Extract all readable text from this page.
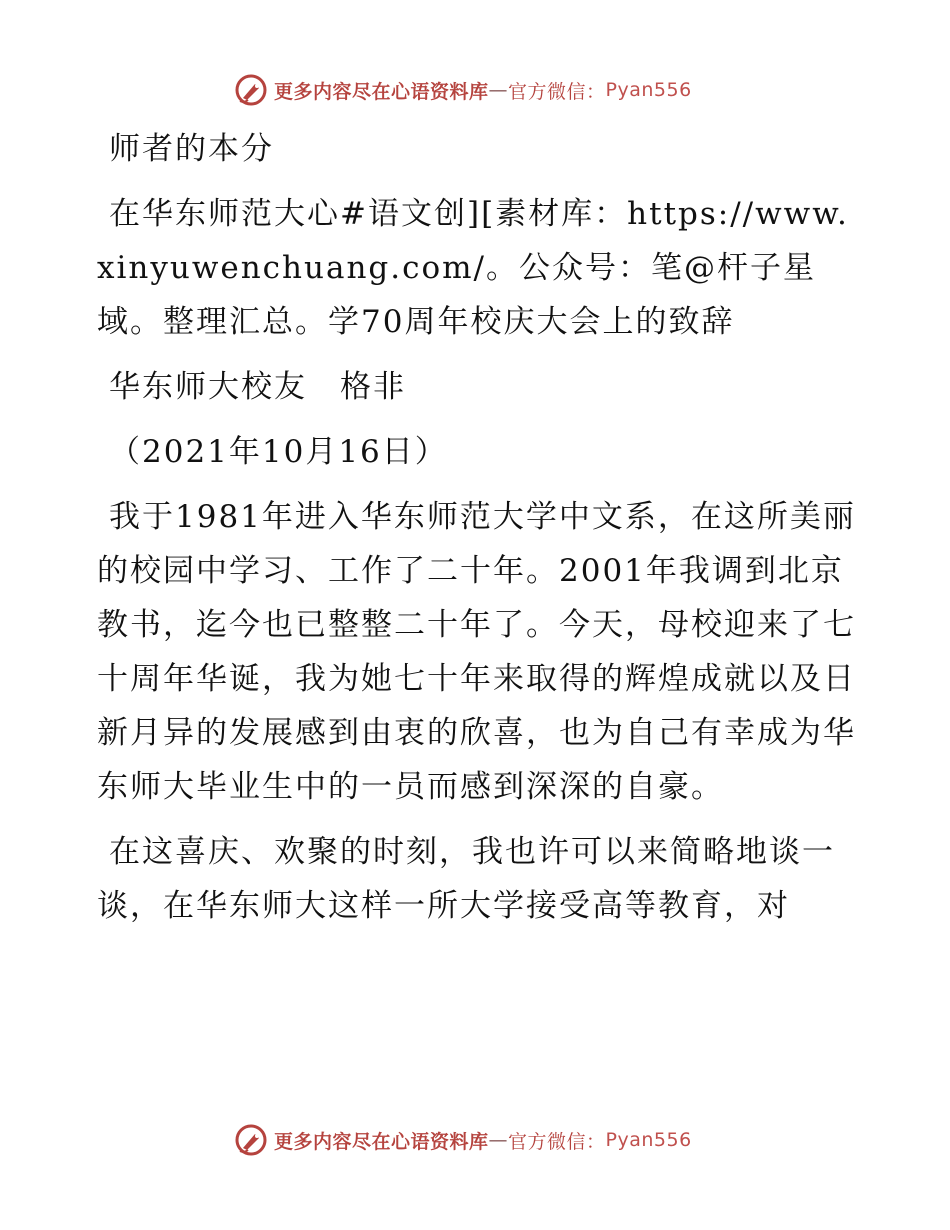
更多内容尽在心语资料库 — 官方微信： Pyan556

师者的本分

在华东师范大心#语文创][素材库：https://www.xinyuwenchuang.com/。公众号：笔@杆子星域。整理汇总。学70周年校庆大会上的致辞

华东师大校友　格非

（2021年10月16日）

我于1981年进入华东师范大学中文系，在这所美丽的校园中学习、工作了二十年。2001年我调到北京教书，迄今也已整整二十年了。今天，母校迎来了七十周年华诞，我为她七十年来取得的辉煌成就以及日新月异的发展感到由衷的欣喜，也为自己有幸成为华东师大毕业生中的一员而感到深深的自豪。

在这喜庆、欢聚的时刻，我也许可以来简略地谈一谈，在华东师大这样一所大学接受高等教育，对

更多内容尽在心语资料库 — 官方微信： Pyan556
